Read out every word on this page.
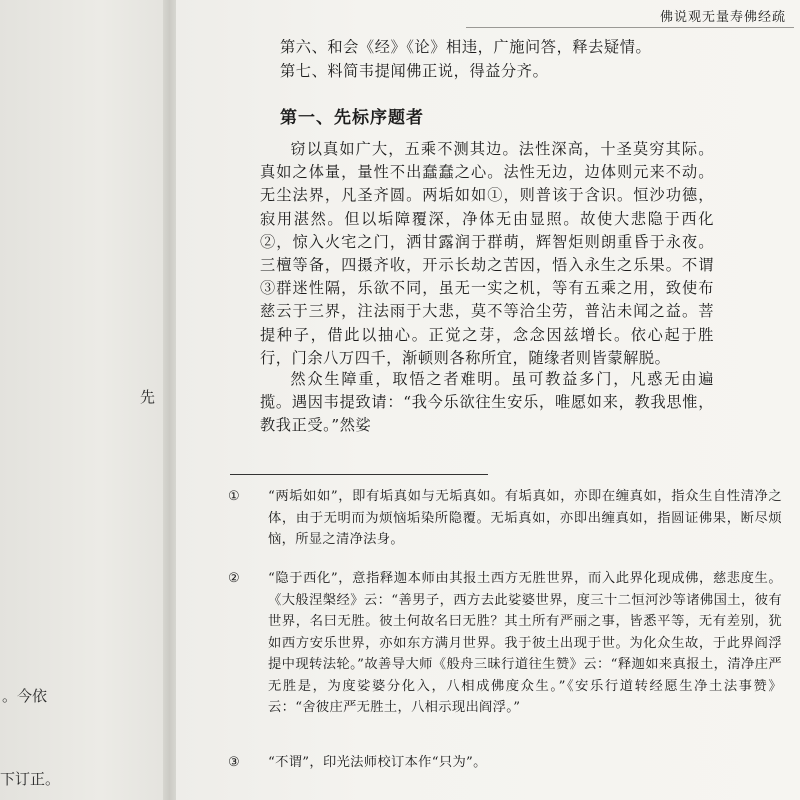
先
。今依
下订正。
佛说观无量寿佛经疏

第六、和会《经》《论》相违，广施问答，释去疑情。

第七、料简韦提闻佛正说，得益分齐。

第一、先标序题者

窃以真如广大，五乘不测其边。法性深高，十圣莫穷其际。真如之体量，量性不出蠢蠢之心。法性无边，边体则元来不动。无尘法界，凡圣齐圆。两垢如如①，则普该于含识。恒沙功德，寂用湛然。但以垢障覆深，净体无由显照。故使大悲隐于西化②，惊入火宅之门，洒甘露润于群萌，辉智炬则朗重昏于永夜。三檀等备，四摄齐收，开示长劫之苦因，悟入永生之乐果。不谓③群迷性隔，乐欲不同，虽无一实之机，等有五乘之用，致使布慈云于三界，注法雨于大悲，莫不等洽尘劳，普沾未闻之益。菩提种子，借此以抽心。正觉之芽，念念因兹增长。依心起于胜行，门余八万四千，渐顿则各称所宜，随缘者则皆蒙解脱。

然众生障重，取悟之者难明。虽可教益多门，凡惑无由遍揽。遇因韦提致请：“我今乐欲往生安乐，唯愿如来，教我思惟，教我正受。”然娑

① “两垢如如”，即有垢真如与无垢真如。有垢真如，亦即在缠真如，指众生自性清净之体，由于无明而为烦恼垢染所隐覆。无垢真如，亦即出缠真如，指圆证佛果，断尽烦恼，所显之清净法身。
② “隐于西化”，意指释迦本师由其报土西方无胜世界，而入此界化现成佛，慈悲度生。《大般涅槃经》云：“善男子，西方去此娑婆世界，度三十二恒河沙等诸佛国土，彼有世界，名曰无胜。彼土何故名曰无胜？其土所有严丽之事，皆悉平等，无有差别，犹如西方安乐世界，亦如东方满月世界。我于彼土出现于世。为化众生故，于此界阎浮提中现转法轮。”故善导大师《般舟三昧行道往生赞》云：“释迦如来真报土，清净庄严无胜是，为度娑婆分化入，八相成佛度众生。”《安乐行道转经愿生净土法事赞》云：“舍彼庄严无胜土，八相示现出阎浮。”
③ “不谓”，印光法师校订本作“只为”。
